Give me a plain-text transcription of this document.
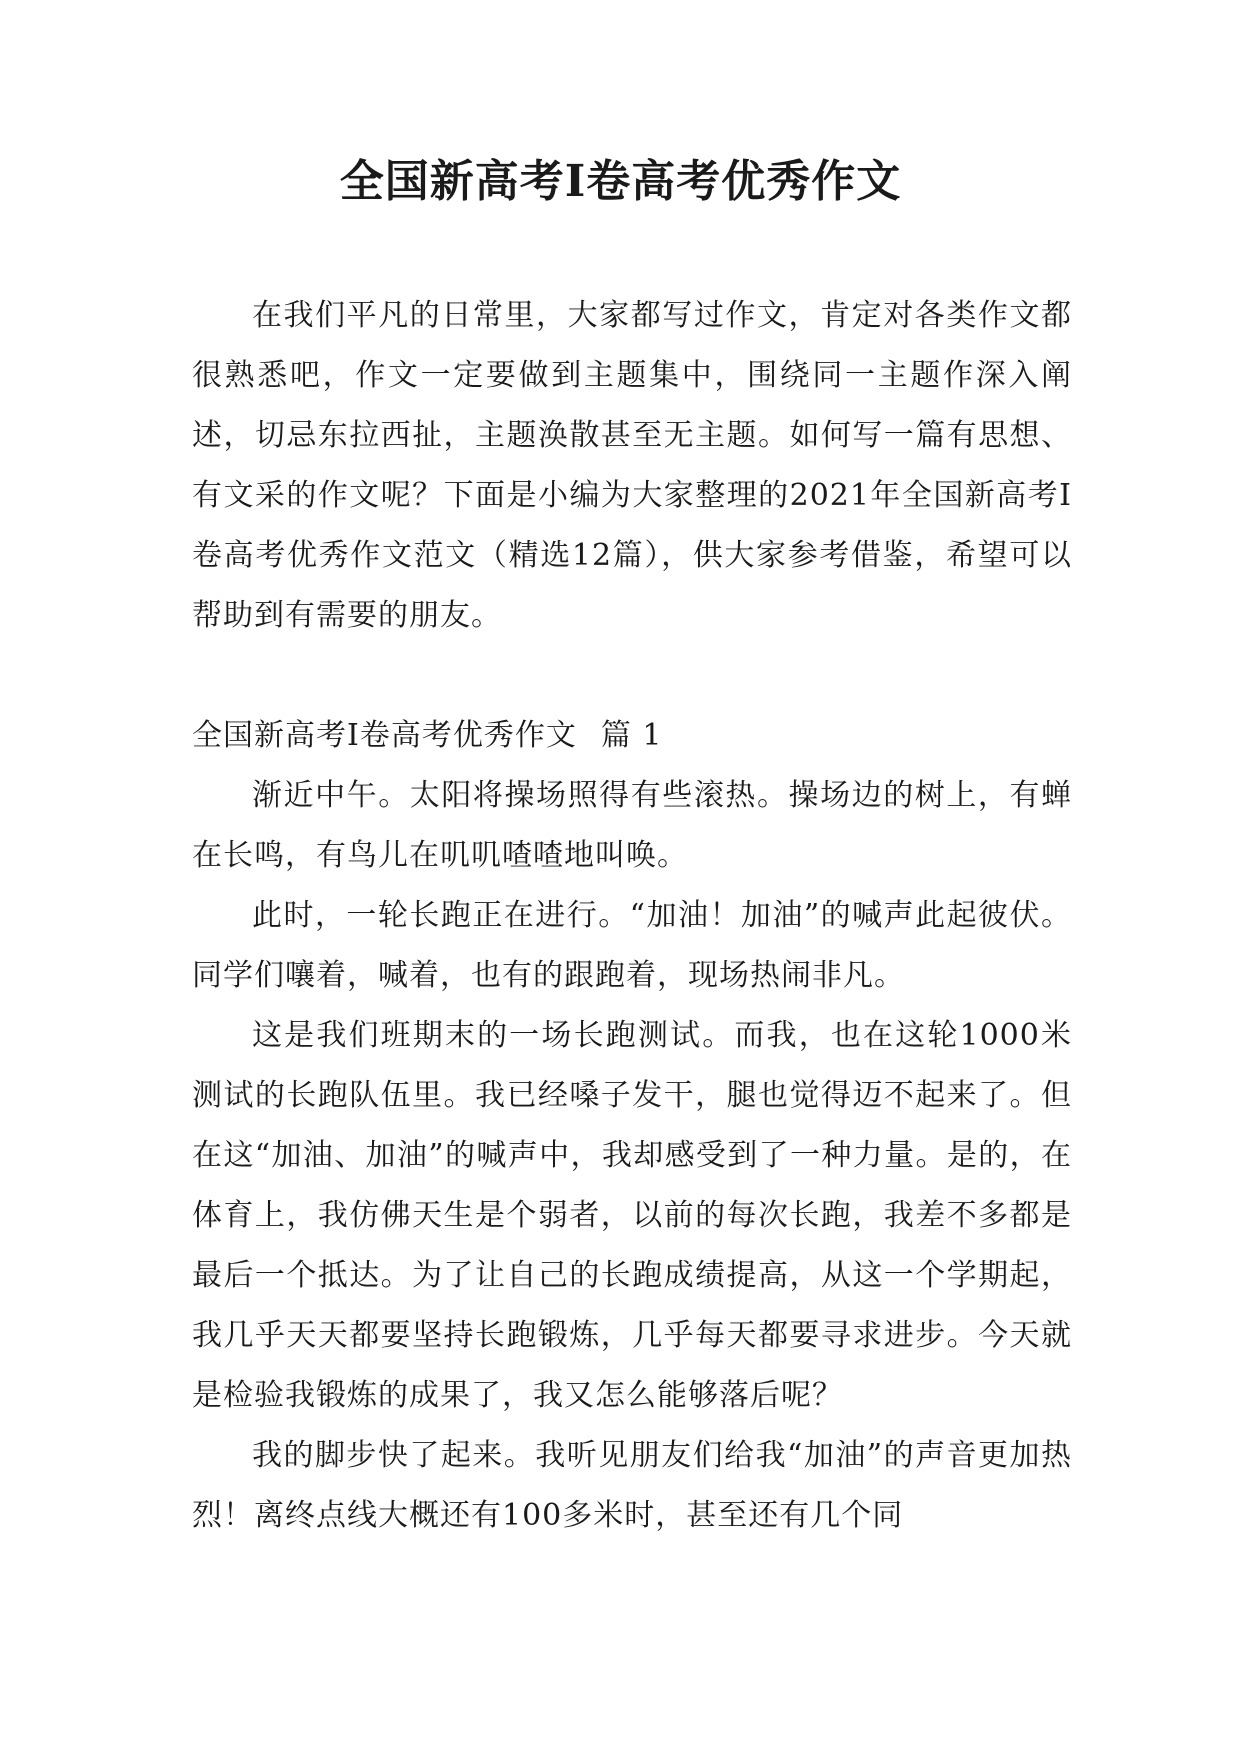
全国新高考Ⅰ卷高考优秀作文

在我们平凡的日常里，大家都写过作文，肯定对各类作文都很熟悉吧，作文一定要做到主题集中，围绕同一主题作深入阐述，切忌东拉西扯，主题涣散甚至无主题。如何写一篇有思想、有文采的作文呢？下面是小编为大家整理的2021年全国新高考Ⅰ卷高考优秀作文范文（精选12篇），供大家参考借鉴，希望可以帮助到有需要的朋友。

全国新高考Ⅰ卷高考优秀作文 篇 1

渐近中午。太阳将操场照得有些滚热。操场边的树上，有蝉在长鸣，有鸟儿在叽叽喳喳地叫唤。

此时，一轮长跑正在进行。“加油！加油”的喊声此起彼伏。同学们嚷着，喊着，也有的跟跑着，现场热闹非凡。

这是我们班期末的一场长跑测试。而我，也在这轮1000米测试的长跑队伍里。我已经嗓子发干，腿也觉得迈不起来了。但在这“加油、加油”的喊声中，我却感受到了一种力量。是的，在体育上，我仿佛天生是个弱者，以前的每次长跑，我差不多都是最后一个抵达。为了让自己的长跑成绩提高，从这一个学期起，我几乎天天都要坚持长跑锻炼，几乎每天都要寻求进步。今天就是检验我锻炼的成果了，我又怎么能够落后呢？

我的脚步快了起来。我听见朋友们给我“加油”的声音更加热烈！离终点线大概还有100多米时，甚至还有几个同
